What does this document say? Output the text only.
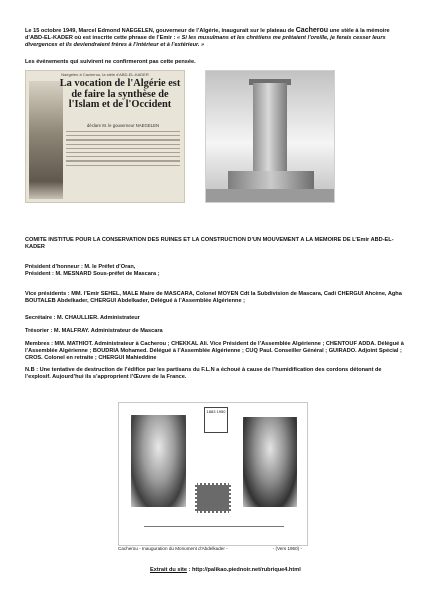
Le 15 octobre 1949, Marcel Edmond NAEGELEN, gouverneur de l’Algérie, inaugurait sur le plateau de Cacherou une stèle à la mémoire d’ABD-EL-KADER où est inscrite cette phrase de l’Emir : « Si les musulmans et les chrétiens me prêtaient l’oreille, je ferais cesser leurs divergences et ils deviendraient frères à l’intérieur et à l’extérieur. »

Les événements qui suivirent ne confirmeront pas cette pensée.

Naegelen à Cacherou, la stèle d'ABD-EL-KADER
La vocation de l'Algérie est de faire la synthèse de l'Islam et de l'Occident
déclare M. le gouverneur NAEGELEN

COMITE INSTITUE POUR LA CONSERVATION DES RUINES ET LA CONSTRUCTION D’UN MOUVEMENT A LA MEMOIRE DE L’Emir ABD-EL-KADER

Président d’honneur : M. le Préfet d’Oran,
Président : M. MESNARD Sous-préfet de Mascara ;

Vice présidents : MM. l’Emir SEHEL, MALE Maire de MASCARA, Colonel MOYEN Cdt la Subdivision de Mascara, Cadi CHERGUI Ahcène, Agha BOUTALEB Abdelkader, CHERGUI Abdelkader, Délégué à l’Assemblée Algérienne ;

Secrétaire : M. CHAULLIER. Administrateur

Trésorier : M. MALFRAY. Administrateur de Mascara

Membres : MM. MATHIOT. Administrateur à Cacherou ; CHEKKAL Ali. Vice Président de l’Assemblée Algérienne ; CHENTOUF ADDA. Délégué à l’Assemblée Algérienne ; BOUDRIA Mohamed. Délégué à l’Assemblée Algérienne ; CUQ Paul. Conseiller Général ; GUIRADO. Adjoint Spécial ; CROS. Colonel en retraite ; CHERGUI Mahieddine

N.B : Une tentative de destruction de l’édifice par les partisans du F.L.N a échoué à cause de l’humidification des cordons détonant de l’explosif. Aujourd’hui ils s’approprient l’Œuvre de la France.

1883 1950
Cacherou - Inauguration du Monument d'Abdelkader -	- (Vers 1950) -
Extrait du site : http://palikao.piednoir.net/rubrique4.html
